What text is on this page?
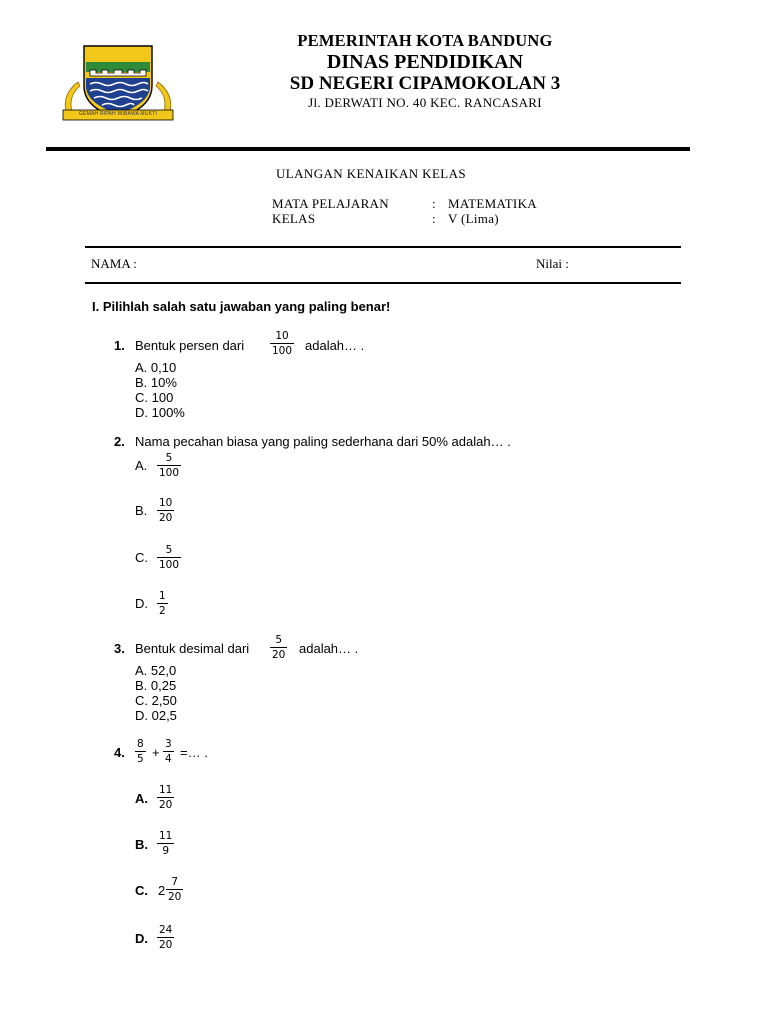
GEMAH RIPAH WIBAWA MUKTI
PEMERINTAH KOTA BANDUNG
DINAS PENDIDIKAN
SD NEGERI CIPAMOKOLAN 3
Jl. DERWATI NO. 40 KEC. RANCASARI
ULANGAN KENAIKAN KELAS
MATA PELAJARAN	: MATEMATIKA
KELAS	: V (Lima)
NAMA :	Nilai :
I. Pilihlah salah satu jawaban yang paling benar!
1. Bentuk persen dari
10
100 adalah… .
A. 0,10
B. 10%
C. 100
D. 100%
2. Nama pecahan biasa yang paling sederhana dari 50% adalah… .
A. 5
100
B. 10
20
C. 5
100
D. 1
2
3. Bentuk desimal dari
5
20 adalah… .
A. 52,0
B. 0,25
C. 2,50
D. 02,5
4.
8
5 +
3
4 =… .
A.
11
20
B.
11
9
C. 2
7
20
D.
24
20
